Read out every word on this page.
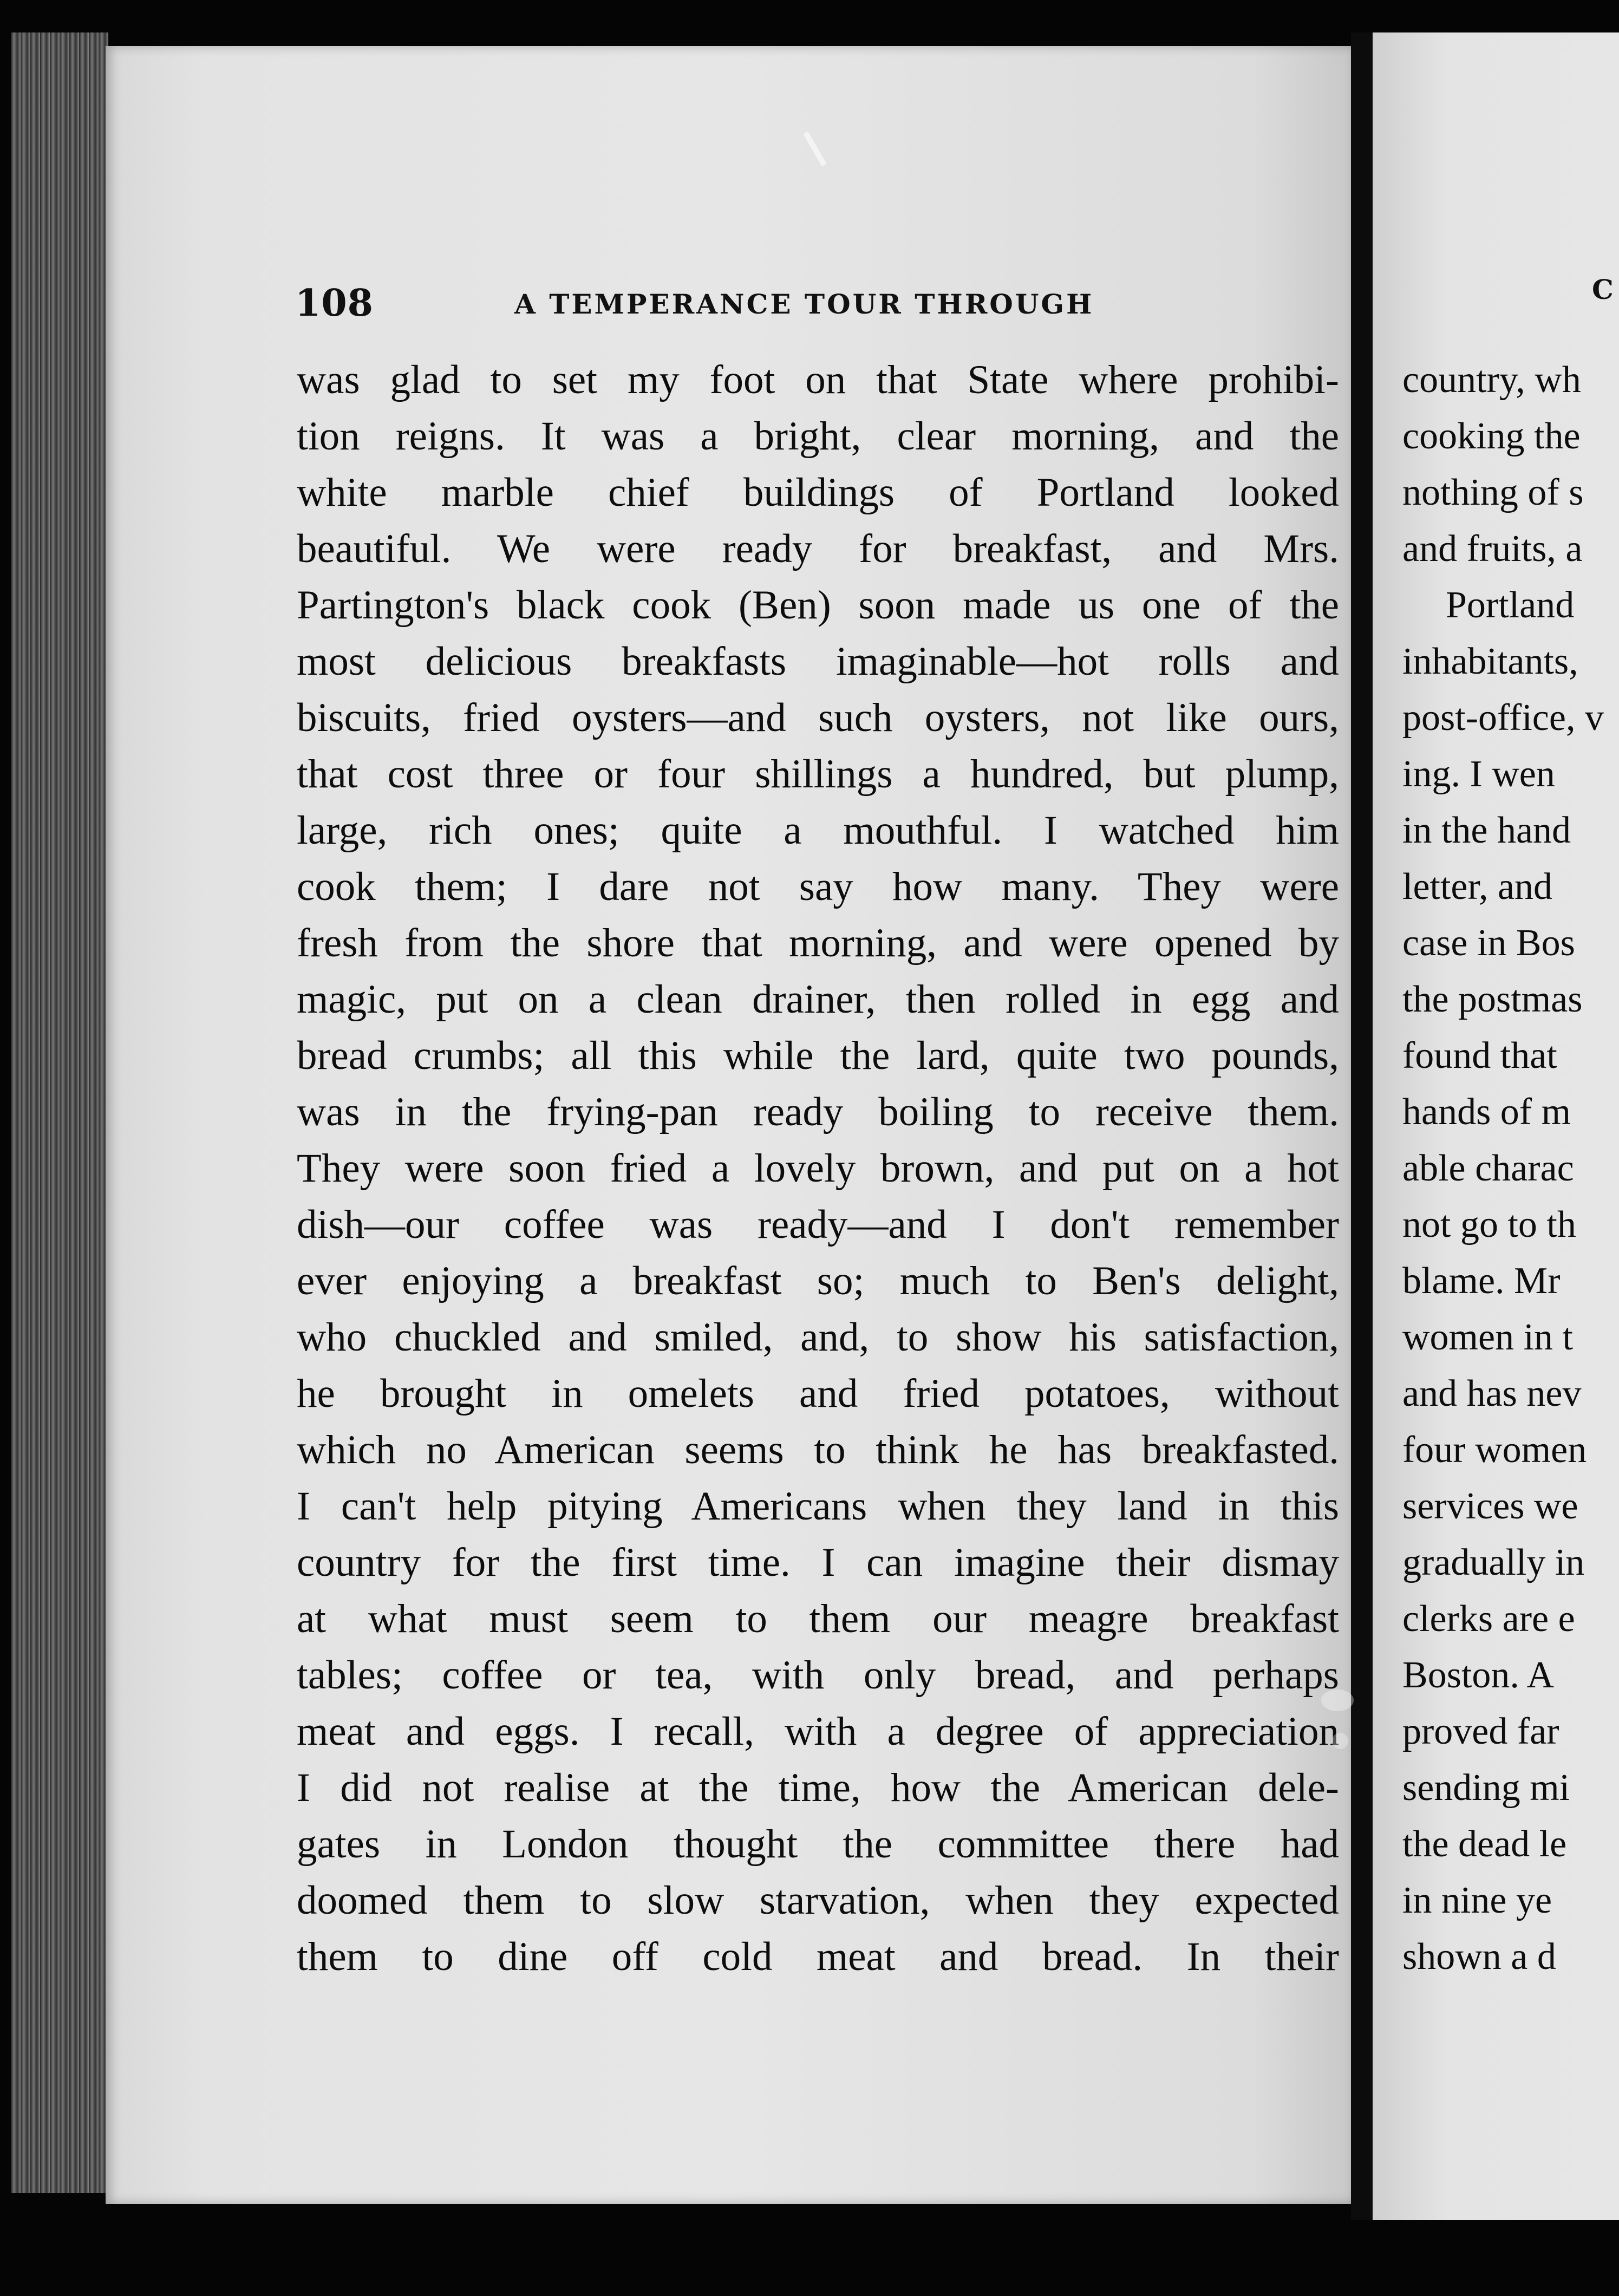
108	A TEMPERANCE TOUR THROUGH
was glad to set my foot on that State where prohibi-
tion reigns. It was a bright, clear morning, and the
white marble chief buildings of Portland looked
beautiful. We were ready for breakfast, and Mrs.
Partington's black cook (Ben) soon made us one of the
most delicious breakfasts imaginable—hot rolls and
biscuits, fried oysters—and such oysters, not like ours,
that cost three or four shillings a hundred, but plump,
large, rich ones; quite a mouthful. I watched him
cook them; I dare not say how many. They were
fresh from the shore that morning, and were opened by
magic, put on a clean drainer, then rolled in egg and
bread crumbs; all this while the lard, quite two pounds,
was in the frying-pan ready boiling to receive them.
They were soon fried a lovely brown, and put on a hot
dish—our coffee was ready—and I don't remember
ever enjoying a breakfast so; much to Ben's delight,
who chuckled and smiled, and, to show his satisfaction,
he brought in omelets and fried potatoes, without
which no American seems to think he has breakfasted.
I can't help pitying Americans when they land in this
country for the first time. I can imagine their dismay
at what must seem to them our meagre breakfast
tables; coffee or tea, with only bread, and perhaps
meat and eggs. I recall, with a degree of appreciation
I did not realise at the time, how the American dele-
gates in London thought the committee there had
doomed them to slow starvation, when they expected
them to dine off cold meat and bread. In their
C
country, wh
cooking the
nothing of s
and fruits, a
Portland
inhabitants,
post-office, v
ing. I wen
in the hand
letter, and
case in Bos
the postmas
found that
hands of m
able charac
not go to th
blame. Mr
women in t
and has nev
four women
services we
gradually in
clerks are e
Boston. A
proved far
sending mi
the dead le
in nine ye
shown a d
